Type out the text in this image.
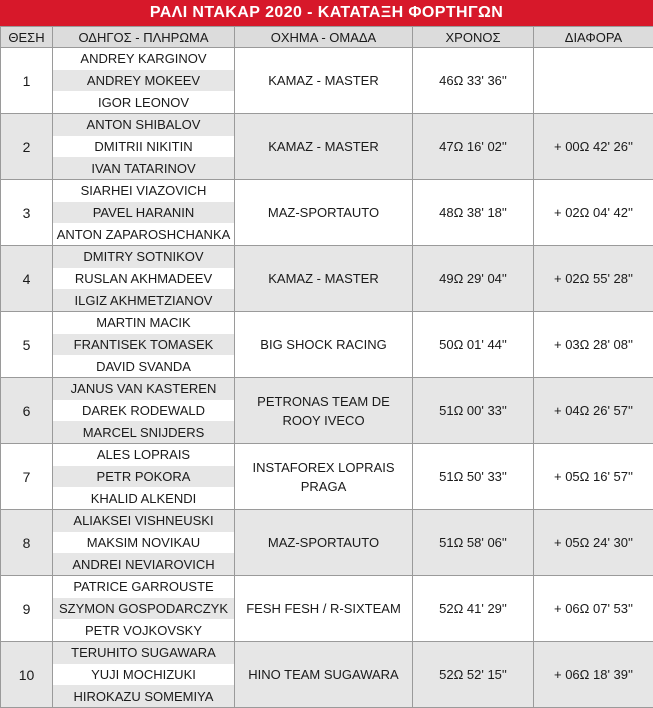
ΡΑΛΙ ΝΤΑΚΑΡ 2020 - ΚΑΤΑΤΑΞΗ ΦΟΡΤΗΓΩΝ
ΘΕΣΗ	ΟΔΗΓΟΣ - ΠΛΗΡΩΜΑ	ΟΧΗΜΑ - ΟΜΑΔΑ	ΧΡΟΝΟΣ	ΔΙΑΦΟΡΑ
1	ANDREY KARGINOV
ANDREY MOKEEV
IGOR LEONOV	KAMAZ - MASTER	46Ω 33' 36''	
2	ANTON SHIBALOV
DMITRII NIKITIN
IVAN TATARINOV	KAMAZ - MASTER	47Ω 16' 02''	+ 00Ω 42' 26''
3	SIARHEI VIAZOVICH
PAVEL HARANIN
ANTON ZAPAROSHCHANKA	MAZ-SPORTAUTO	48Ω 38' 18''	+ 02Ω 04' 42''
4	DMITRY SOTNIKOV
RUSLAN AKHMADEEV
ILGIZ AKHMETZIANOV	KAMAZ - MASTER	49Ω 29' 04''	+ 02Ω 55' 28''
5	MARTIN MACIK
FRANTISEK TOMASEK
DAVID SVANDA	BIG SHOCK RACING	50Ω 01' 44''	+ 03Ω 28' 08''
6	JANUS VAN KASTEREN
DAREK RODEWALD
MARCEL SNIJDERS	PETRONAS TEAM DE ROOY IVECO	51Ω 00' 33''	+ 04Ω 26' 57''
7	ALES LOPRAIS
PETR POKORA
KHALID ALKENDI	INSTAFOREX LOPRAIS PRAGA	51Ω 50' 33''	+ 05Ω 16' 57''
8	ALIAKSEI VISHNEUSKI
MAKSIM NOVIKAU
ANDREI NEVIAROVICH	MAZ-SPORTAUTO	51Ω 58' 06''	+ 05Ω 24' 30''
9	PATRICE GARROUSTE
SZYMON GOSPODARCZYK
PETR VOJKOVSKY	FESH FESH / R-SIXTEAM	52Ω 41' 29''	+ 06Ω 07' 53''
10	TERUHITO SUGAWARA
YUJI MOCHIZUKI
HIROKAZU SOMEMIYA	HINO TEAM SUGAWARA	52Ω 52' 15''	+ 06Ω 18' 39''
